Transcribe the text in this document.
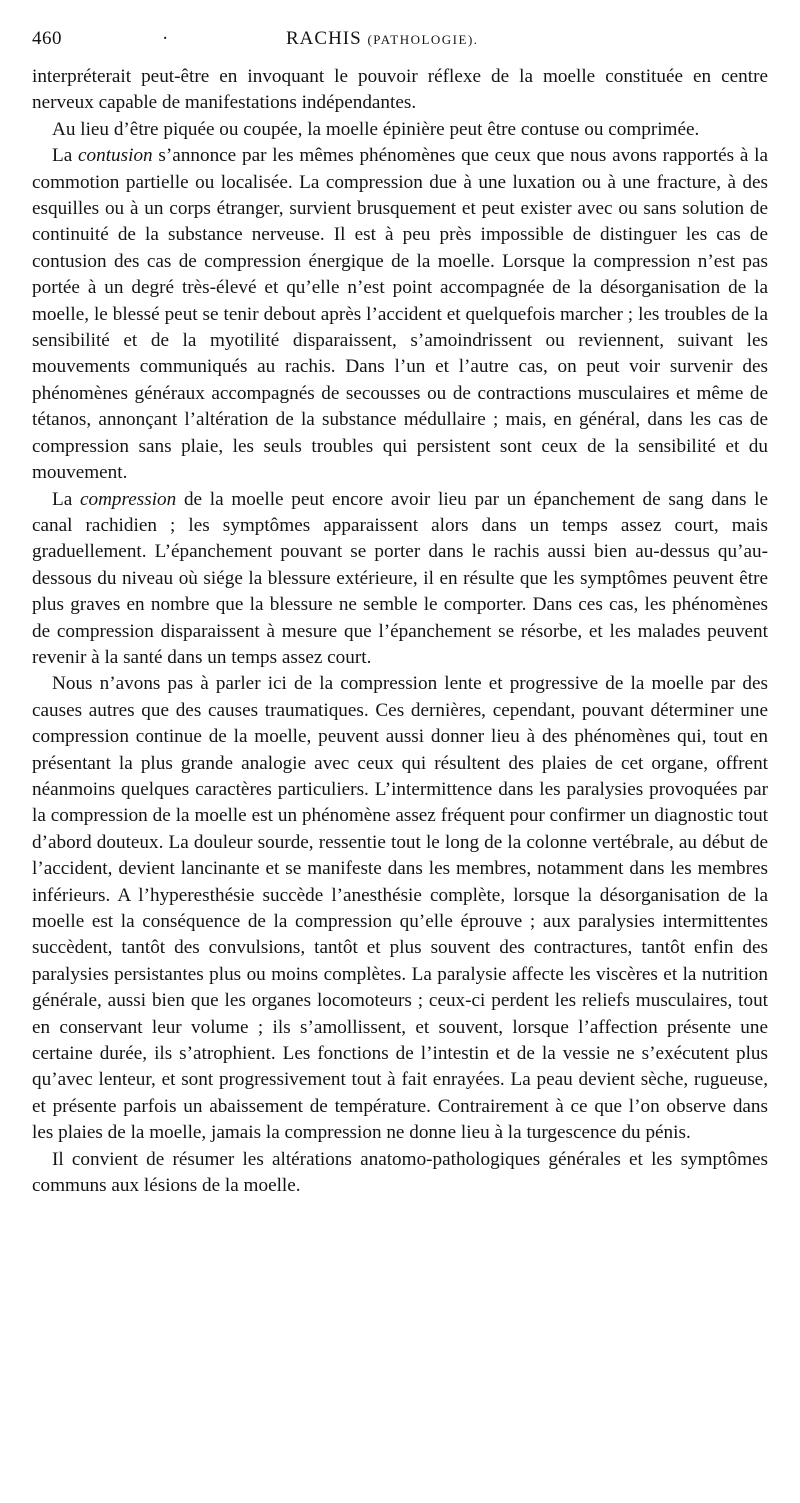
460	·	RACHIS (PATHOLOGIE).

interpréterait peut-être en invoquant le pouvoir réflexe de la moelle constituée en centre nerveux capable de manifestations indépendantes.

Au lieu d’être piquée ou coupée, la moelle épinière peut être contuse ou comprimée.

La contusion s’annonce par les mêmes phénomènes que ceux que nous avons rapportés à la commotion partielle ou localisée. La compression due à une luxation ou à une fracture, à des esquilles ou à un corps étranger, survient brusquement et peut exister avec ou sans solution de continuité de la substance nerveuse. Il est à peu près impossible de distinguer les cas de contusion des cas de compression énergique de la moelle. Lorsque la compression n’est pas portée à un degré très-élevé et qu’elle n’est point accompagnée de la désorganisation de la moelle, le blessé peut se tenir debout après l’accident et quelquefois marcher ; les troubles de la sensibilité et de la myotilité disparaissent, s’amoindrissent ou reviennent, suivant les mouvements communiqués au rachis. Dans l’un et l’autre cas, on peut voir survenir des phénomènes généraux accompagnés de secousses ou de contractions musculaires et même de tétanos, annonçant l’altération de la substance médullaire ; mais, en général, dans les cas de compression sans plaie, les seuls troubles qui persistent sont ceux de la sensibilité et du mouvement.

La compression de la moelle peut encore avoir lieu par un épanchement de sang dans le canal rachidien ; les symptômes apparaissent alors dans un temps assez court, mais graduellement. L’épanchement pouvant se porter dans le rachis aussi bien au-dessus qu’au-dessous du niveau où siége la blessure extérieure, il en résulte que les symptômes peuvent être plus graves en nombre que la blessure ne semble le comporter. Dans ces cas, les phénomènes de compression disparaissent à mesure que l’épanchement se résorbe, et les malades peuvent revenir à la santé dans un temps assez court.

Nous n’avons pas à parler ici de la compression lente et progressive de la moelle par des causes autres que des causes traumatiques. Ces dernières, cependant, pouvant déterminer une compression continue de la moelle, peuvent aussi donner lieu à des phénomènes qui, tout en présentant la plus grande analogie avec ceux qui résultent des plaies de cet organe, offrent néanmoins quelques caractères particuliers. L’intermittence dans les paralysies provoquées par la compression de la moelle est un phénomène assez fréquent pour confirmer un diagnostic tout d’abord douteux. La douleur sourde, ressentie tout le long de la colonne vertébrale, au début de l’accident, devient lancinante et se manifeste dans les membres, notamment dans les membres inférieurs. A l’hyperesthésie succède l’anesthésie complète, lorsque la désorganisation de la moelle est la conséquence de la compression qu’elle éprouve ; aux paralysies intermittentes succèdent, tantôt des convulsions, tantôt et plus souvent des contractures, tantôt enfin des paralysies persistantes plus ou moins complètes. La paralysie affecte les viscères et la nutrition générale, aussi bien que les organes locomoteurs ; ceux-ci perdent les reliefs musculaires, tout en conservant leur volume ; ils s’amollissent, et souvent, lorsque l’affection présente une certaine durée, ils s’atrophient. Les fonctions de l’intestin et de la vessie ne s’exécutent plus qu’avec lenteur, et sont progressivement tout à fait enrayées. La peau devient sèche, rugueuse, et présente parfois un abaissement de température. Contrairement à ce que l’on observe dans les plaies de la moelle, jamais la compression ne donne lieu à la turgescence du pénis.

Il convient de résumer les altérations anatomo-pathologiques générales et les symptômes communs aux lésions de la moelle.
